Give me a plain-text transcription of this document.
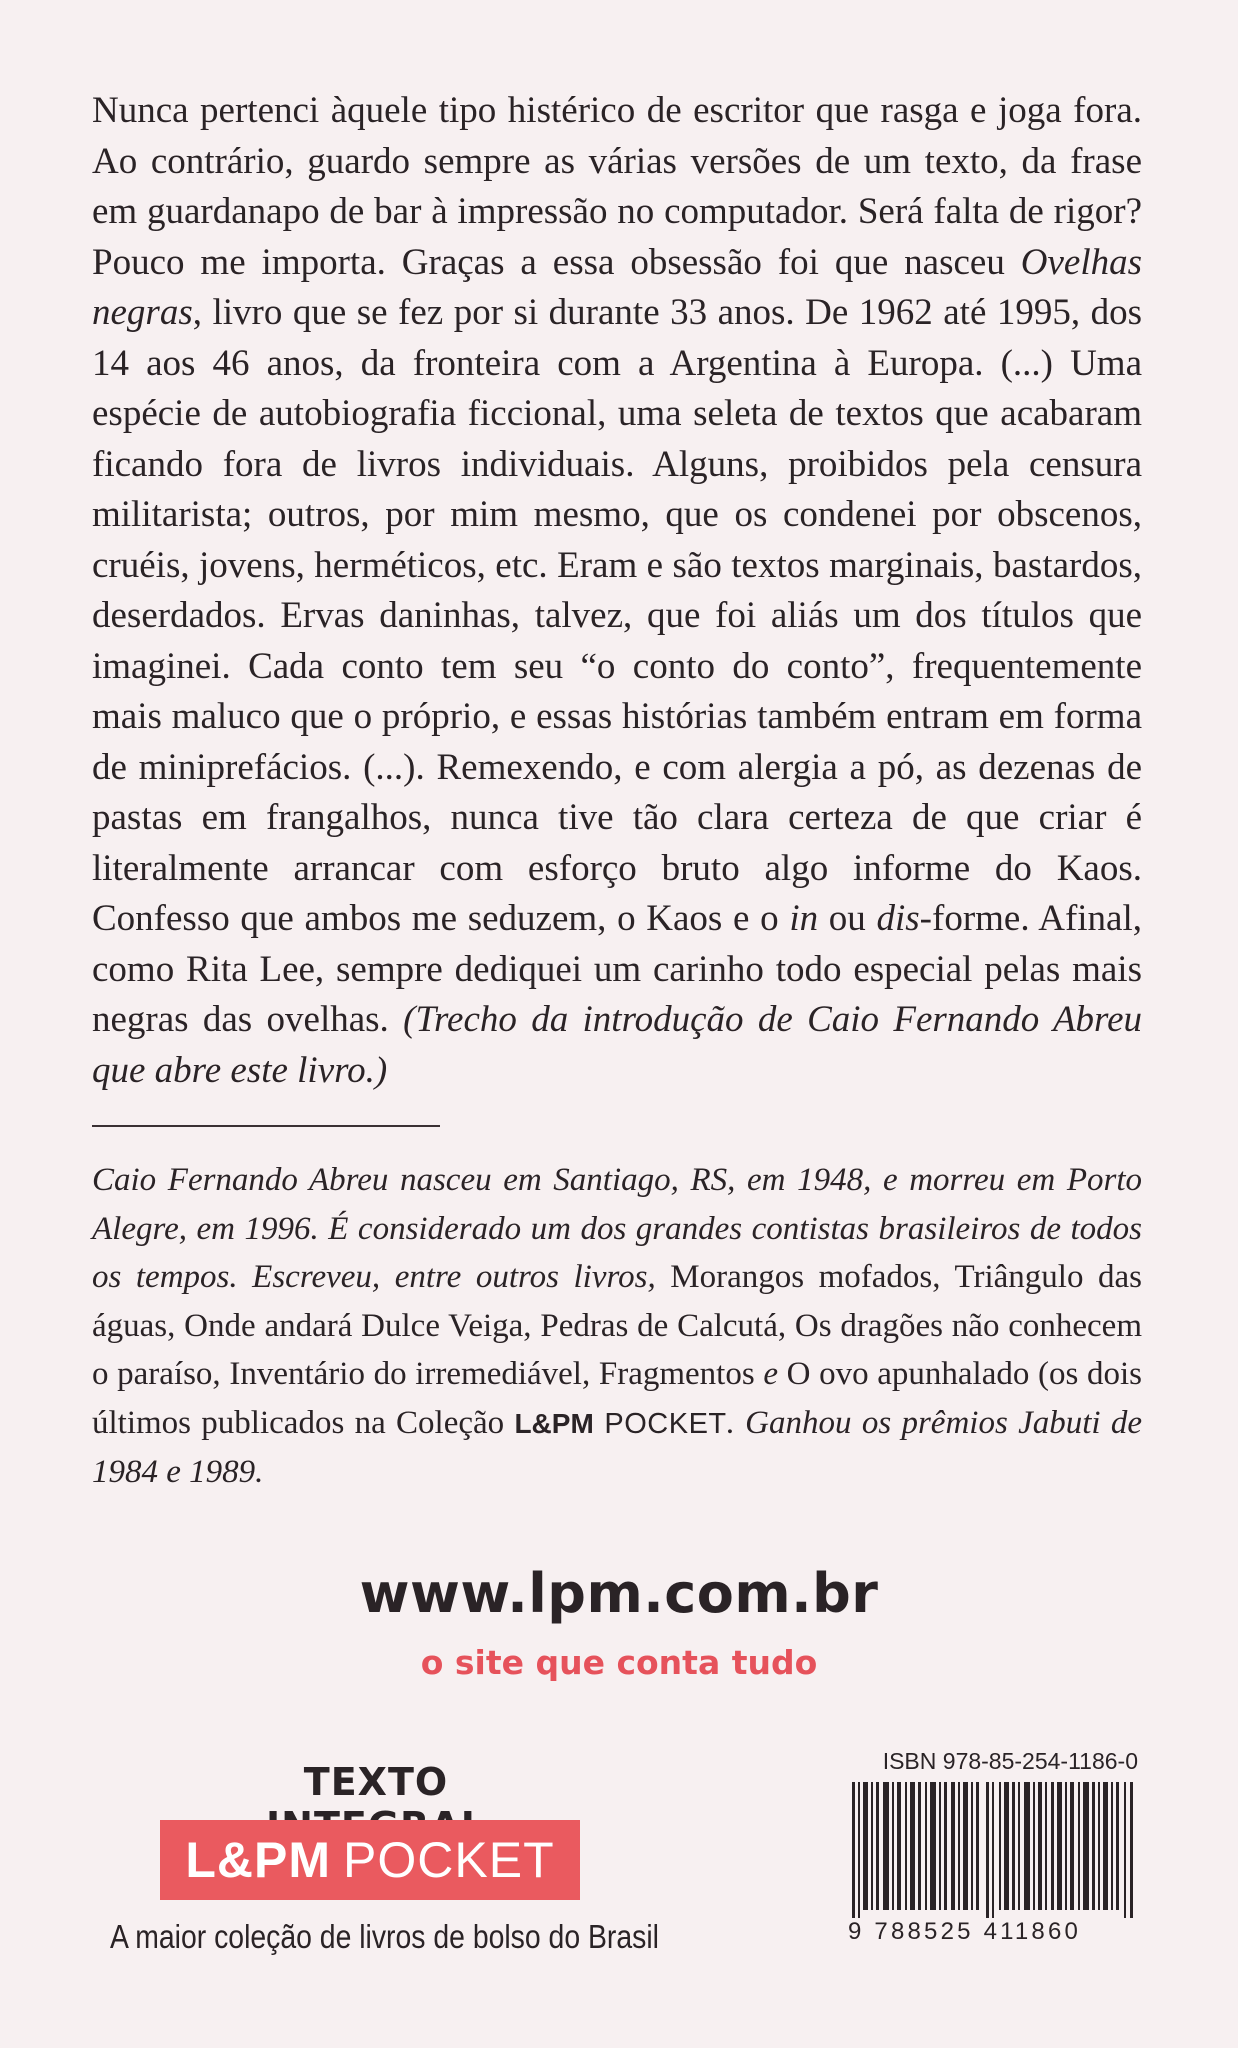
Nunca pertenci àquele tipo histérico de escritor que rasga e joga fora. Ao contrário, guardo sempre as várias versões de um texto, da frase em guardanapo de bar à impressão no computador. Será falta de rigor? Pouco me importa. Graças a essa obsessão foi que nasceu Ovelhas negras, livro que se fez por si durante 33 anos. De 1962 até 1995, dos 14 aos 46 anos, da fronteira com a Argentina à Europa. (...) Uma espécie de autobiografia ficcional, uma seleta de textos que acabaram ficando fora de livros individuais. Alguns, proibidos pela censura militarista; outros, por mim mesmo, que os condenei por obscenos, cruéis, jovens, herméticos, etc. Eram e são textos marginais, bastardos, deserdados. Ervas daninhas, talvez, que foi aliás um dos títulos que imaginei. Cada conto tem seu “o conto do conto”, frequentemente mais maluco que o próprio, e essas histórias também entram em forma de miniprefácios. (...). Remexendo, e com alergia a pó, as dezenas de pastas em frangalhos, nunca tive tão clara certeza de que criar é literalmente arrancar com esforço bruto algo informe do Kaos. Confesso que ambos me seduzem, o Kaos e o in ou dis-forme. Afinal, como Rita Lee, sempre dediquei um carinho todo especial pelas mais negras das ovelhas. (Trecho da introdução de Caio Fernando Abreu que abre este livro.)

Caio Fernando Abreu nasceu em Santiago, RS, em 1948, e morreu em Porto Alegre, em 1996. É considerado um dos grandes contistas brasileiros de todos os tempos. Escreveu, entre outros livros, Morangos mofados, Triângulo das águas, Onde andará Dulce Veiga, Pedras de Calcutá, Os dragões não conhecem o paraíso, Inventário do irremediável, Fragmentos e O ovo apunhalado (os dois últimos publicados na Coleção L&PM POCKET. Ganhou os prêmios Jabuti de 1984 e 1989.

www.lpm.com.br
o site que conta tudo
TEXTO
L&PM POCKET
A maior coleção de livros de bolso do Brasil
ISBN 978-85-254-1186-0
9 788525 411860
